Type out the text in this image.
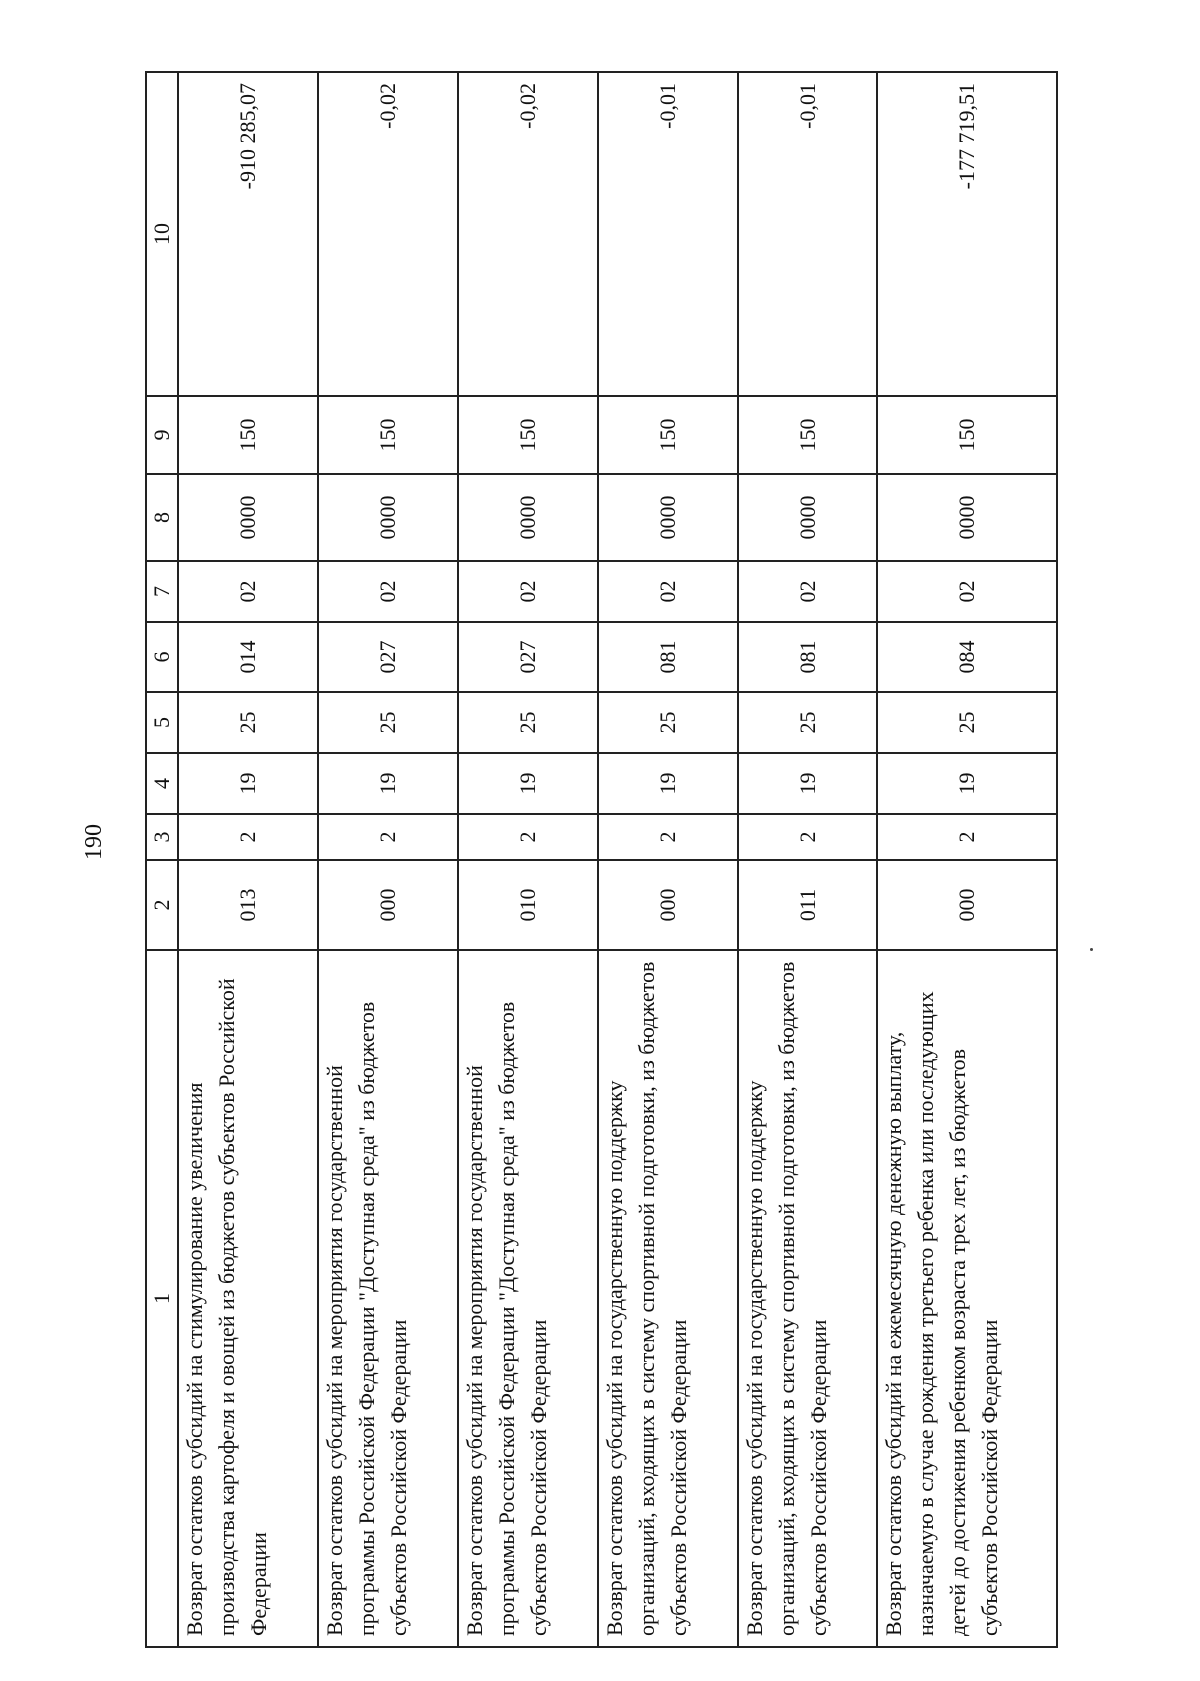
190
1	2	3	4	5	6	7	8	9	10
Возврат остатков субсидий на стимулирование увеличения производства картофеля и овощей из бюджетов субъектов Российской Федерации	013	2	19	25	014	02	0000	150	-910 285,07
Возврат остатков субсидий на мероприятия государственной программы Российской Федерации "Доступная среда" из бюджетов субъектов Российской Федерации	000	2	19	25	027	02	0000	150	-0,02
Возврат остатков субсидий на мероприятия государственной программы Российской Федерации "Доступная среда" из бюджетов субъектов Российской Федерации	010	2	19	25	027	02	0000	150	-0,02
Возврат остатков субсидий на государственную поддержку организаций, входящих в систему спортивной подготовки, из бюджетов субъектов Российской Федерации	000	2	19	25	081	02	0000	150	-0,01
Возврат остатков субсидий на государственную поддержку организаций, входящих в систему спортивной подготовки, из бюджетов субъектов Российской Федерации	011	2	19	25	081	02	0000	150	-0,01
Возврат остатков субсидий на ежемесячную денежную выплату, назначаемую в случае рождения третьего ребенка или последующих детей до достижения ребенком возраста трех лет, из бюджетов субъектов Российской Федерации	000	2	19	25	084	02	0000	150	-177 719,51
